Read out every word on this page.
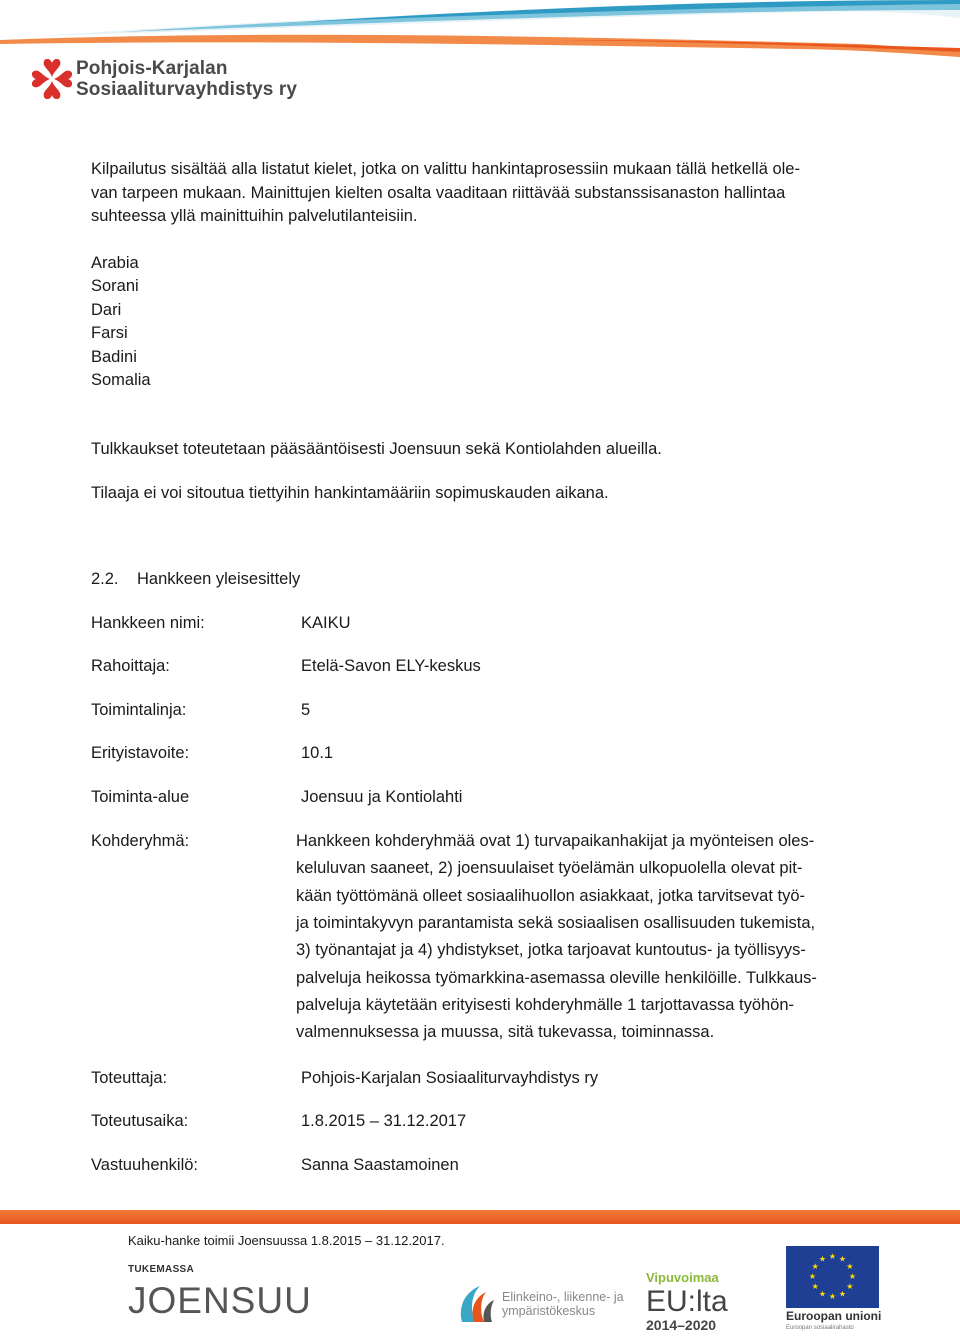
Pohjois-Karjalan
Sosiaaliturvayhdistys ry

Kilpailutus sisältää alla listatut kielet, jotka on valittu hankintaprosessiin mukaan tällä hetkellä ole-

van tarpeen mukaan. Mainittujen kielten osalta vaaditaan riittävää substanssisanaston hallintaa

suhteessa yllä mainittuihin palvelutilanteisiin.

Arabia
Sorani
Dari
Farsi
Badini
Somalia

Tulkkaukset toteutetaan pääsääntöisesti Joensuun sekä Kontiolahden alueilla.

Tilaaja ei voi sitoutua tiettyihin hankintamääriin sopimuskauden aikana.

2.2. Hankkeen yleisesittely

Hankkeen nimi:	KAIKU
Rahoittaja:	Etelä-Savon ELY-keskus
Toimintalinja:	5
Erityistavoite:	10.1
Toiminta-alue	Joensuu ja Kontiolahti
Kohderyhmä:	Hankkeen kohderyhmää ovat 1) turvapaikanhakijat ja myönteisen oles-
keluluvan saaneet, 2) joensuulaiset työelämän ulkopuolella olevat pit-
kään työttömänä olleet sosiaalihuollon asiakkaat, jotka tarvitsevat työ-
ja toimintakyvyn parantamista sekä sosiaalisen osallisuuden tukemista,
3) työnantajat ja 4) yhdistykset, jotka tarjoavat kuntoutus- ja työllisyys-
palveluja heikossa työmarkkina-asemassa oleville henkilöille. Tulkkaus-
palveluja käytetään erityisesti kohderyhmälle 1 tarjottavassa työhön-
valmennuksessa ja muussa, sitä tukevassa, toiminnassa.
Toteuttaja:	Pohjois-Karjalan Sosiaaliturvayhdistys ry
Toteutusaika:	1.8.2015 – 31.12.2017
Vastuuhenkilö:	Sanna Saastamoinen
Kaiku-hanke toimii Joensuussa 1.8.2015 – 31.12.2017.
TUKEMASSA
JOENSUU	Elinkeino-, liikenne- ja
ympäristökeskus
Vipuvoimaa
EU:lta
2014–2020
★ ★
★
★
★
★
★
★
★
★
★
★
Euroopan unioni
Euroopan sosiaalirahasto
